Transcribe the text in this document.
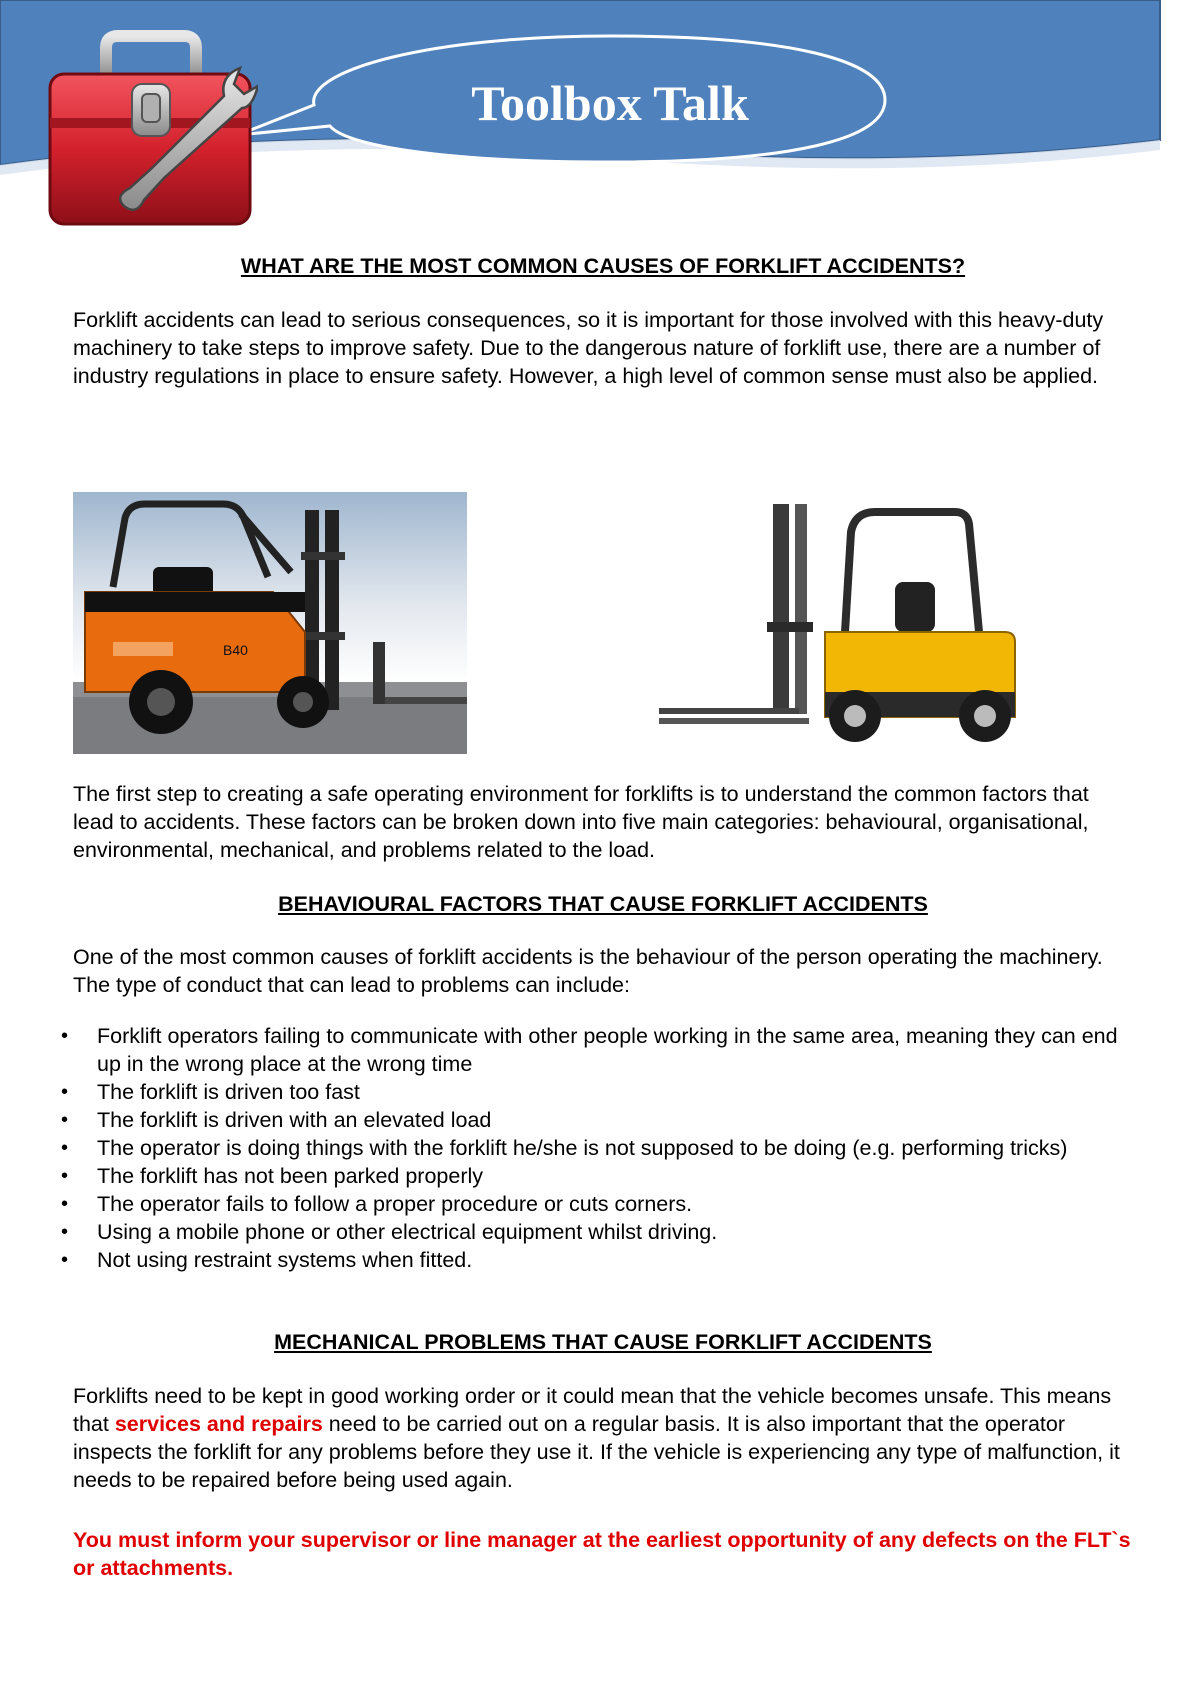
Toolbox Talk
WHAT ARE THE MOST COMMON CAUSES OF FORKLIFT ACCIDENTS?

Forklift accidents can lead to serious consequences, so it is important for those involved with this heavy-duty machinery to take steps to improve safety. Due to the dangerous nature of forklift use, there are a number of industry regulations in place to ensure safety. However, a high level of common sense must also be applied.

B40

The first step to creating a safe operating environment for forklifts is to understand the common factors that lead to accidents. These factors can be broken down into five main categories: behavioural, organisational, environmental, mechanical, and problems related to the load.

BEHAVIOURAL FACTORS THAT CAUSE FORKLIFT ACCIDENTS

One of the most common causes of forklift accidents is the behaviour of the person operating the machinery. The type of conduct that can lead to problems can include:

• Forklift operators failing to communicate with other people working in the same area, meaning they can end up in the wrong place at the wrong time
• The forklift is driven too fast
• The forklift is driven with an elevated load
• The operator is doing things with the forklift he/she is not supposed to be doing (e.g. performing tricks)
• The forklift has not been parked properly
• The operator fails to follow a proper procedure or cuts corners.
• Using a mobile phone or other electrical equipment whilst driving.
• Not using restraint systems when fitted.
MECHANICAL PROBLEMS THAT CAUSE FORKLIFT ACCIDENTS

Forklifts need to be kept in good working order or it could mean that the vehicle becomes unsafe. This means that services and repairs need to be carried out on a regular basis. It is also important that the operator inspects the forklift for any problems before they use it. If the vehicle is experiencing any type of malfunction, it needs to be repaired before being used again.

You must inform your supervisor or line manager at the earliest opportunity of any defects on the FLT`s or attachments.
